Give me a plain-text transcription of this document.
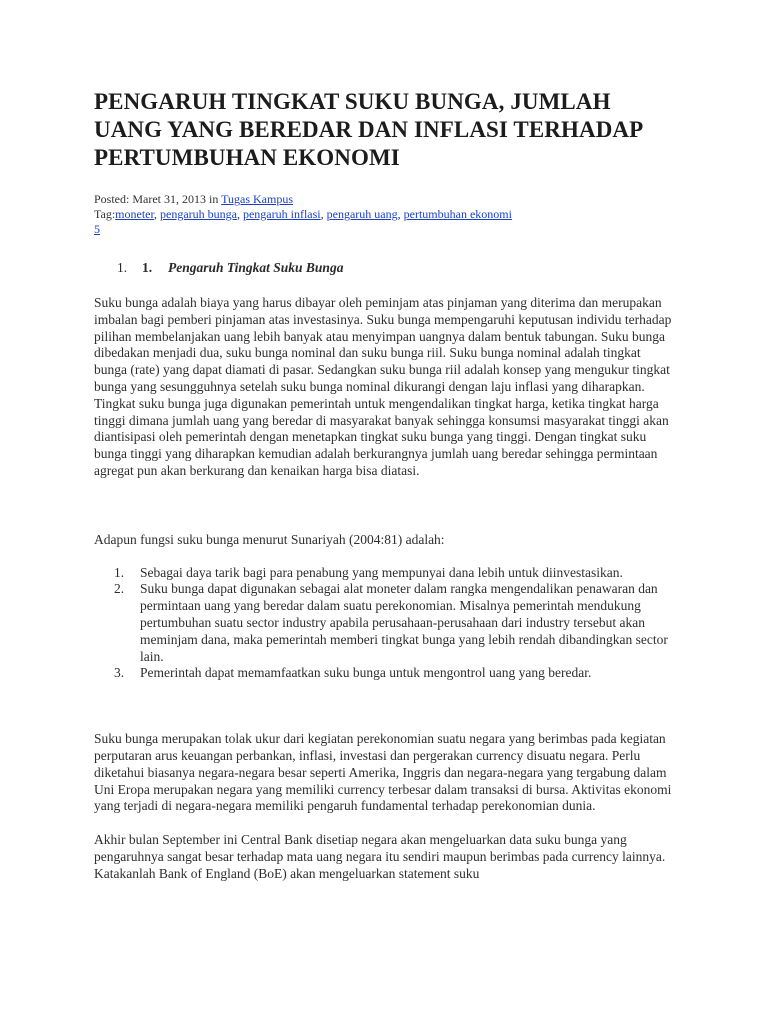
PENGARUH TINGKAT SUKU BUNGA, JUMLAH UANG YANG BEREDAR DAN INFLASI TERHADAP PERTUMBUHAN EKONOMI
Posted: Maret 31, 2013 in Tugas Kampus
Tag:moneter, pengaruh bunga, pengaruh inflasi, pengaruh uang, pertumbuhan ekonomi
5
1.	1.	Pengaruh Tingkat Suku Bunga

Suku bunga adalah biaya yang harus dibayar oleh peminjam atas pinjaman yang diterima dan merupakan imbalan bagi pemberi pinjaman atas investasinya. Suku bunga mempengaruhi keputusan individu terhadap pilihan membelanjakan uang lebih banyak atau menyimpan uangnya dalam bentuk tabungan. Suku bunga dibedakan menjadi dua, suku bunga nominal dan suku bunga riil. Suku bunga nominal adalah tingkat bunga (rate) yang dapat diamati di pasar. Sedangkan suku bunga riil adalah konsep yang mengukur tingkat bunga yang sesungguhnya setelah suku bunga nominal dikurangi dengan laju inflasi yang diharapkan. Tingkat suku bunga juga digunakan pemerintah untuk mengendalikan tingkat harga, ketika tingkat harga tinggi dimana jumlah uang yang beredar di masyarakat banyak sehingga konsumsi masyarakat tinggi akan diantisipasi oleh pemerintah dengan menetapkan tingkat suku bunga yang tinggi. Dengan tingkat suku bunga tinggi yang diharapkan kemudian adalah berkurangnya jumlah uang beredar sehingga permintaan agregat pun akan berkurang dan kenaikan harga bisa diatasi.

Adapun fungsi suku bunga menurut Sunariyah (2004:81) adalah:

1.	Sebagai daya tarik bagi para penabung yang mempunyai dana lebih untuk diinvestasikan.
2.	Suku bunga dapat digunakan sebagai alat moneter dalam rangka mengendalikan penawaran dan permintaan uang yang beredar dalam suatu perekonomian. Misalnya pemerintah mendukung pertumbuhan suatu sector industry apabila perusahaan-perusahaan dari industry tersebut akan meminjam dana, maka pemerintah memberi tingkat bunga yang lebih rendah dibandingkan sector lain.
3.	Pemerintah dapat memamfaatkan suku bunga untuk mengontrol uang yang beredar.

Suku bunga merupakan tolak ukur dari kegiatan perekonomian suatu negara yang berimbas pada kegiatan perputaran arus keuangan perbankan, inflasi, investasi dan pergerakan currency disuatu negara. Perlu diketahui biasanya negara-negara besar seperti Amerika, Inggris dan negara-negara yang tergabung dalam Uni Eropa merupakan negara yang memiliki currency terbesar dalam transaksi di bursa. Aktivitas ekonomi yang terjadi di negara-negara memiliki pengaruh fundamental terhadap perekonomian dunia.

Akhir bulan September ini Central Bank disetiap negara akan mengeluarkan data suku bunga yang pengaruhnya sangat besar terhadap mata uang negara itu sendiri maupun berimbas pada currency lainnya. Katakanlah Bank of England (BoE) akan mengeluarkan statement suku
